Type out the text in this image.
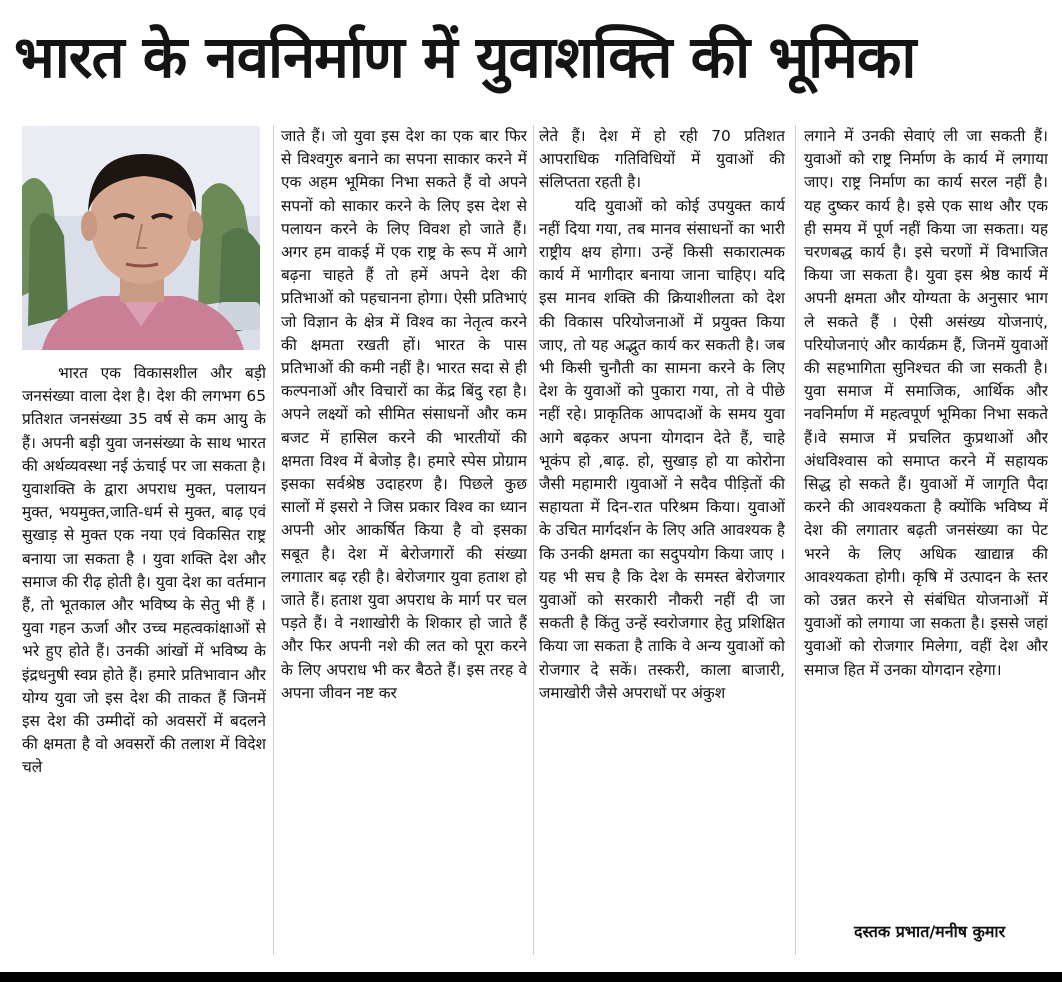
भारत के नवनिर्माण में युवाशक्ति की भूमिका

भारत एक विकासशील और बड़ी जनसंख्या वाला देश है। देश की लगभग 65 प्रतिशत जनसंख्या 35 वर्ष से कम आयु के हैं। अपनी बड़ी युवा जनसंख्या के साथ भारत की अर्थव्यवस्था नई ऊंचाई पर जा सकता है। युवाशक्ति के द्वारा अपराध मुक्त, पलायन मुक्त, भयमुक्त,जाति-धर्म से मुक्त, बाढ़ एवं सुखाड़ से मुक्त एक नया एवं विकसित राष्ट्र बनाया जा सकता है । युवा शक्ति देश और समाज की रीढ़ होती है। युवा देश का वर्तमान हैं, तो भूतकाल और भविष्य के सेतु भी हैं । युवा गहन ऊर्जा और उच्च महत्वकांक्षाओं से भरे हुए होते हैं। उनकी आंखों में भविष्य के इंद्रधनुषी स्वप्न होते हैं। हमारे प्रतिभावान और योग्य युवा जो इस देश की ताकत हैं जिनमें इस देश की उम्मीदों को अवसरों में बदलने की क्षमता है वो अवसरों की तलाश में विदेश चले

जाते हैं। जो युवा इस देश का एक बार फिर से विश्वगुरु बनाने का सपना साकार करने में एक अहम भूमिका निभा सकते हैं वो अपने सपनों को साकार करने के लिए इस देश से पलायन करने के लिए विवश हो जाते हैं। अगर हम वाकई में एक राष्ट्र के रूप में आगे बढ़ना चाहते हैं तो हमें अपने देश की प्रतिभाओं को पहचानना होगा। ऐसी प्रतिभाएं जो विज्ञान के क्षेत्र में विश्व का नेतृत्व करने की क्षमता रखती हों। भारत के पास प्रतिभाओं की कमी नहीं है। भारत सदा से ही कल्पनाओं और विचारों का केंद्र बिंदु रहा है। अपने लक्ष्यों को सीमित संसाधनों और कम बजट में हासिल करने की भारतीयों की क्षमता विश्व में बेजोड़ है। हमारे स्पेस प्रोग्राम इसका सर्वश्रेष्ठ उदाहरण है। पिछले कुछ सालों में इसरो ने जिस प्रकार विश्व का ध्यान अपनी ओर आकर्षित किया है वो इसका सबूत है। देश में बेरोजगारों की संख्या लगातार बढ़ रही है। बेरोजगार युवा हताश हो जाते हैं। हताश युवा अपराध के मार्ग पर चल पड़ते हैं। वे नशाखोरी के शिकार हो जाते हैं और फिर अपनी नशे की लत को पूरा करने के लिए अपराध भी कर बैठते हैं। इस तरह वे अपना जीवन नष्ट कर

लेते हैं। देश में हो रही 70 प्रतिशत आपराधिक गतिविधियों में युवाओं की संलिप्तता रहती है।

यदि युवाओं को कोई उपयुक्त कार्य नहीं दिया गया, तब मानव संसाधनों का भारी राष्ट्रीय क्षय होगा। उन्हें किसी सकारात्मक कार्य में भागीदार बनाया जाना चाहिए। यदि इस मानव शक्ति की क्रियाशीलता को देश की विकास परियोजनाओं में प्रयुक्त किया जाए, तो यह अद्भुत कार्य कर सकती है। जब भी किसी चुनौती का सामना करने के लिए देश के युवाओं को पुकारा गया, तो वे पीछे नहीं रहे। प्राकृतिक आपदाओं के समय युवा आगे बढ़कर अपना योगदान देते हैं, चाहे भूकंप हो ,बाढ़. हो, सुखाड़ हो या कोरोना जैसी महामारी ।युवाओं ने सदैव पीड़ितों की सहायता में दिन-रात परिश्रम किया। युवाओं के उचित मार्गदर्शन के लिए अति आवश्यक है कि उनकी क्षमता का सदुपयोग किया जाए ।यह भी सच है कि देश के समस्त बेरोजगार युवाओं को सरकारी नौकरी नहीं दी जा सकती है किंतु उन्हें स्वरोजगार हेतु प्रशिक्षित किया जा सकता है ताकि वे अन्य युवाओं को रोजगार दे सकें। तस्करी, काला बाजारी, जमाखोरी जैसे अपराधों पर अंकुश

लगाने में उनकी सेवाएं ली जा सकती हैं। युवाओं को राष्ट्र निर्माण के कार्य में लगाया जाए। राष्ट्र निर्माण का कार्य सरल नहीं है। यह दुष्कर कार्य है। इसे एक साथ और एक ही समय में पूर्ण नहीं किया जा सकता। यह चरणबद्ध कार्य है। इसे चरणों में विभाजित किया जा सकता है। युवा इस श्रेष्ठ कार्य में अपनी क्षमता और योग्यता के अनुसार भाग ले सकते हैं । ऐसी असंख्य योजनाएं, परियोजनाएं और कार्यक्रम हैं, जिनमें युवाओं की सहभागिता सुनिश्चत की जा सकती है। युवा समाज में समाजिक, आर्थिक और नवनिर्माण में महत्वपूर्ण भूमिका निभा सकते हैं।वे समाज में प्रचलित कुप्रथाओं और अंधविश्वास को समाप्त करने में सहायक सिद्ध हो सकते हैं। युवाओं में जागृति पैदा करने की आवश्यकता है क्योंकि भविष्य में देश की लगातार बढ़ती जनसंख्या का पेट भरने के लिए अधिक खाद्यान्न की आवश्यकता होगी। कृषि में उत्पादन के स्तर को उन्नत करने से संबंधित योजनाओं में युवाओं को लगाया जा सकता है। इससे जहां युवाओं को रोजगार मिलेगा, वहीं देश और समाज हित में उनका योगदान रहेगा।

दस्तक प्रभात/मनीष कुमार
